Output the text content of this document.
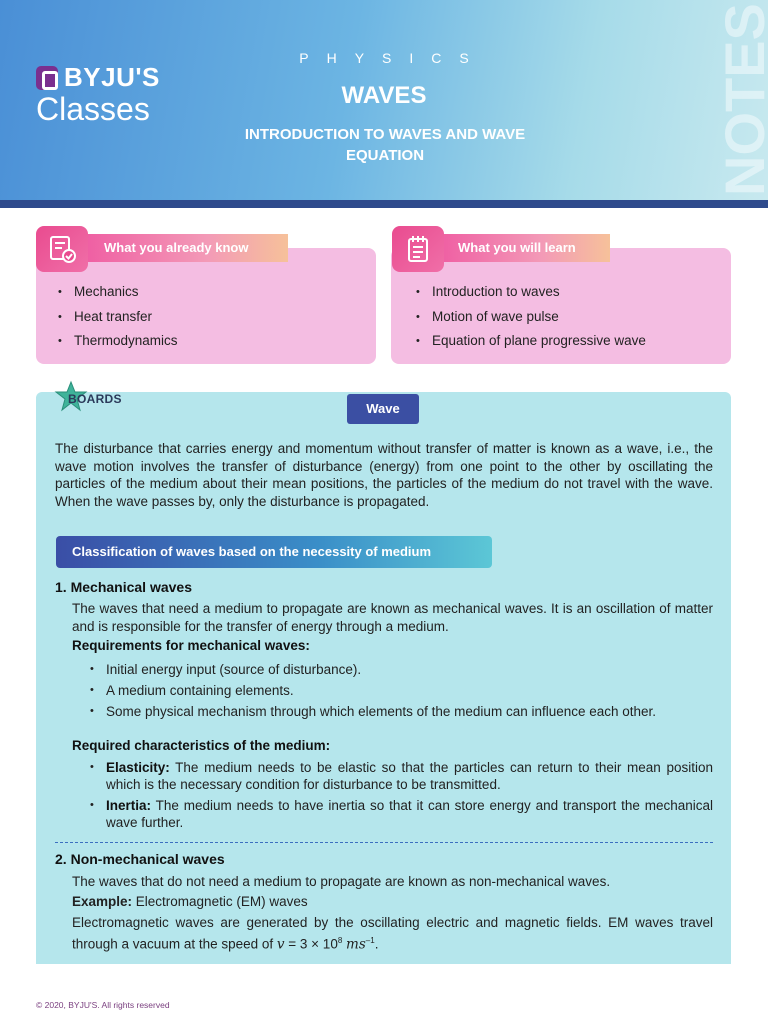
BYJU'S
Classes
PHYSICS
WAVES
INTRODUCTION TO WAVES AND WAVE EQUATION	NOTES
What you already know
• Mechanics
• Heat transfer
• Thermodynamics
What you will learn
• Introduction to waves
• Motion of wave pulse
• Equation of plane progressive wave
BOARDS
Wave

The disturbance that carries energy and momentum without transfer of matter is known as a wave, i.e., the wave motion involves the transfer of disturbance (energy) from one point to the other by oscillating the particles of the medium about their mean positions, the particles of the medium do not travel with the wave. When the wave passes by, only the disturbance is propagated.

Classification of waves based on the necessity of medium
1. Mechanical waves

The waves that need a medium to propagate are known as mechanical waves. It is an oscillation of matter and is responsible for the transfer of energy through a medium.

Requirements for mechanical waves:
• Initial energy input (source of disturbance).
• A medium containing elements.
• Some physical mechanism through which elements of the medium can influence each other.
Required characteristics of the medium:
• Elasticity: The medium needs to be elastic so that the particles can return to their mean position which is the necessary condition for disturbance to be transmitted.
• Inertia: The medium needs to have inertia so that it can store energy and transport the mechanical wave further.
2. Non-mechanical waves

The waves that do not need a medium to propagate are known as non-mechanical waves.

Example: Electromagnetic (EM) waves

Electromagnetic waves are generated by the oscillating electric and magnetic fields. EM waves travel through a vacuum at the speed of $v = 3 \times 10^8$ $ms^{-1}$.

© 2020, BYJU'S. All rights reserved
